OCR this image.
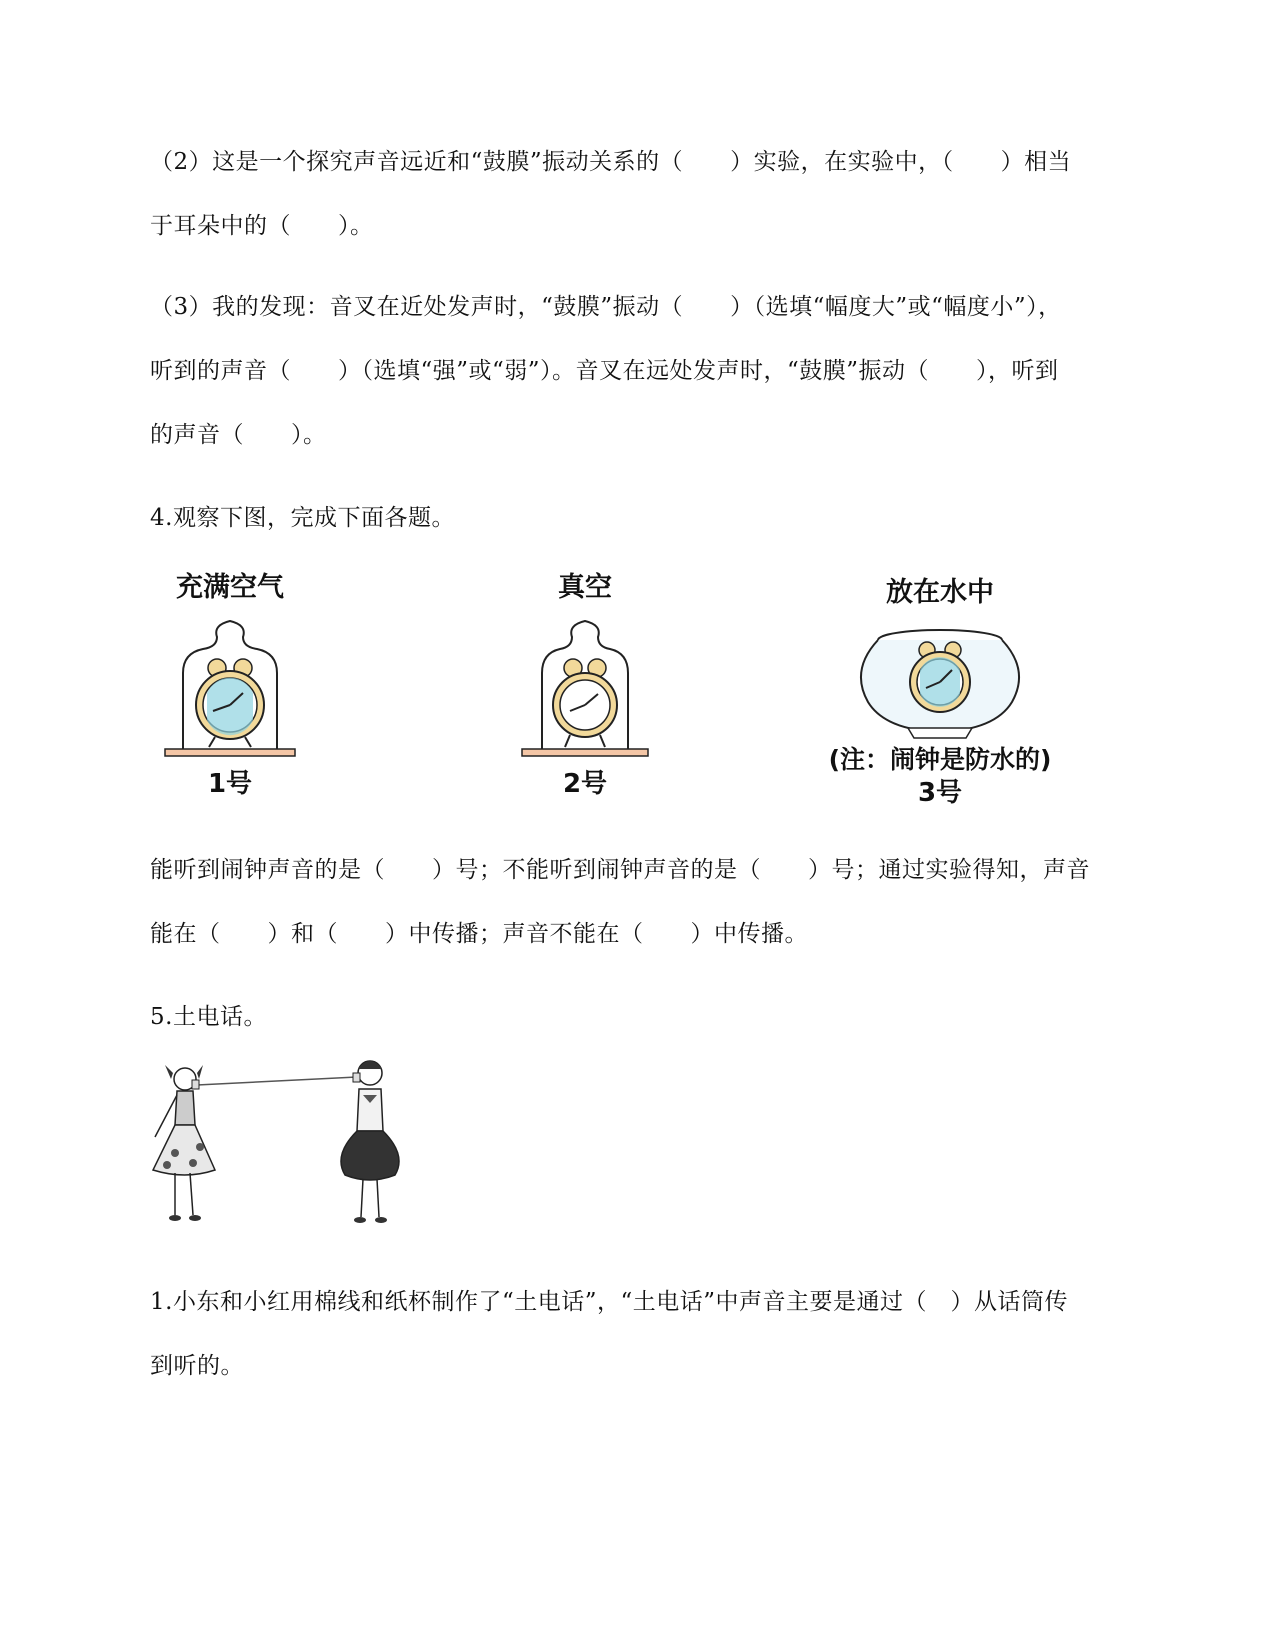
（2）这是一个探究声音远近和“鼓膜”振动关系的（　　）实验，在实验中，（　　）相当
于耳朵中的（　　）。
（3）我的发现：音叉在近处发声时，“鼓膜”振动（　　）（选填“幅度大”或“幅度小”），
听到的声音（　　）（选填“强”或“弱”）。音叉在远处发声时，“鼓膜”振动（　　），听到
的声音（　　）。
4.观察下图，完成下面各题。
充满空气
1号
真空
2号
放在水中
(注：闹钟是防水的)
3号
能听到闹钟声音的是（　　）号；不能听到闹钟声音的是（　　）号；通过实验得知，声音
能在（　　）和（　　）中传播；声音不能在（　　）中传播。
5.土电话。
1.小东和小红用棉线和纸杯制作了“土电话”，“土电话”中声音主要是通过（　）从话筒传
到听的。
